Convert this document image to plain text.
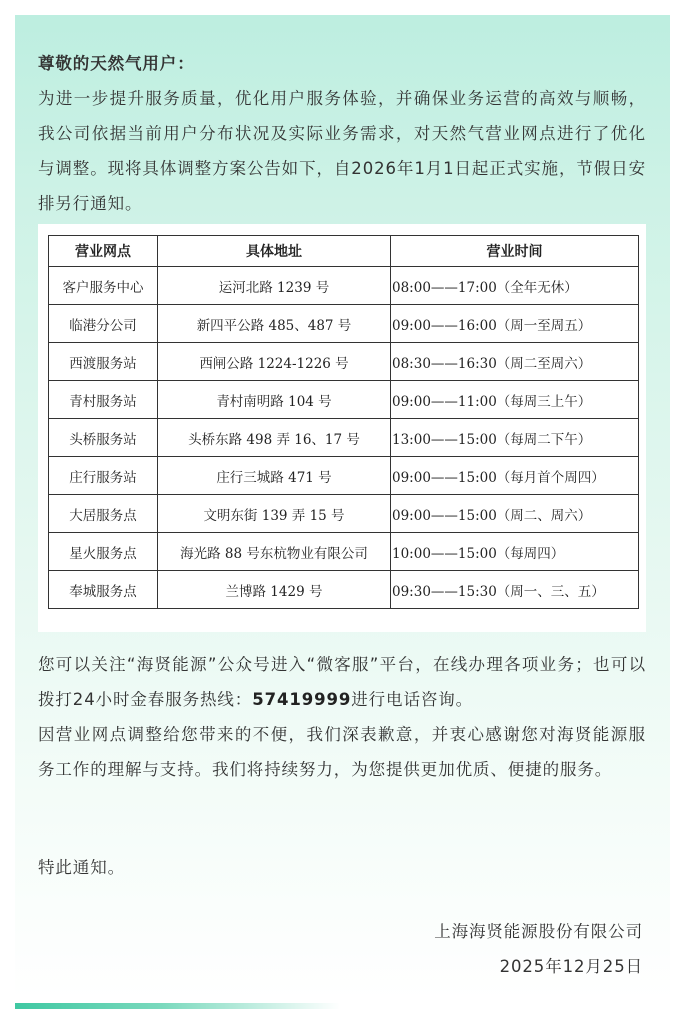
尊敬的天然气用户：
为进一步提升服务质量，优化用户服务体验，并确保业务运营的高效与顺畅，我公司依据当前用户分布状况及实际业务需求，对天然气营业网点进行了优化与调整。现将具体调整方案公告如下，自2026年1月1日起正式实施，节假日安排另行通知。
营业网点	具体地址	营业时间
客户服务中心	运河北路 1239 号	08:00——17:00（全年无休）
临港分公司	新四平公路 485、487 号	09:00——16:00（周一至周五）
西渡服务站	西闸公路 1224-1226 号	08:30——16:30（周二至周六）
青村服务站	青村南明路 104 号	09:00——11:00（每周三上午）
头桥服务站	头桥东路 498 弄 16、17 号	13:00——15:00（每周二下午）
庄行服务站	庄行三城路 471 号	09:00——15:00（每月首个周四）
大居服务点	文明东街 139 弄 15 号	09:00——15:00（周二、周六）
星火服务点	海光路 88 号东杭物业有限公司	10:00——15:00（每周四）
奉城服务点	兰博路 1429 号	09:30——15:30（周一、三、五）
您可以关注“海贤能源”公众号进入“微客服”平台，在线办理各项业务；也可以拨打24小时金春服务热线：57419999进行电话咨询。
因营业网点调整给您带来的不便，我们深表歉意，并衷心感谢您对海贤能源服务工作的理解与支持。我们将持续努力，为您提供更加优质、便捷的服务。
特此通知。
上海海贤能源股份有限公司
2025年12月25日
